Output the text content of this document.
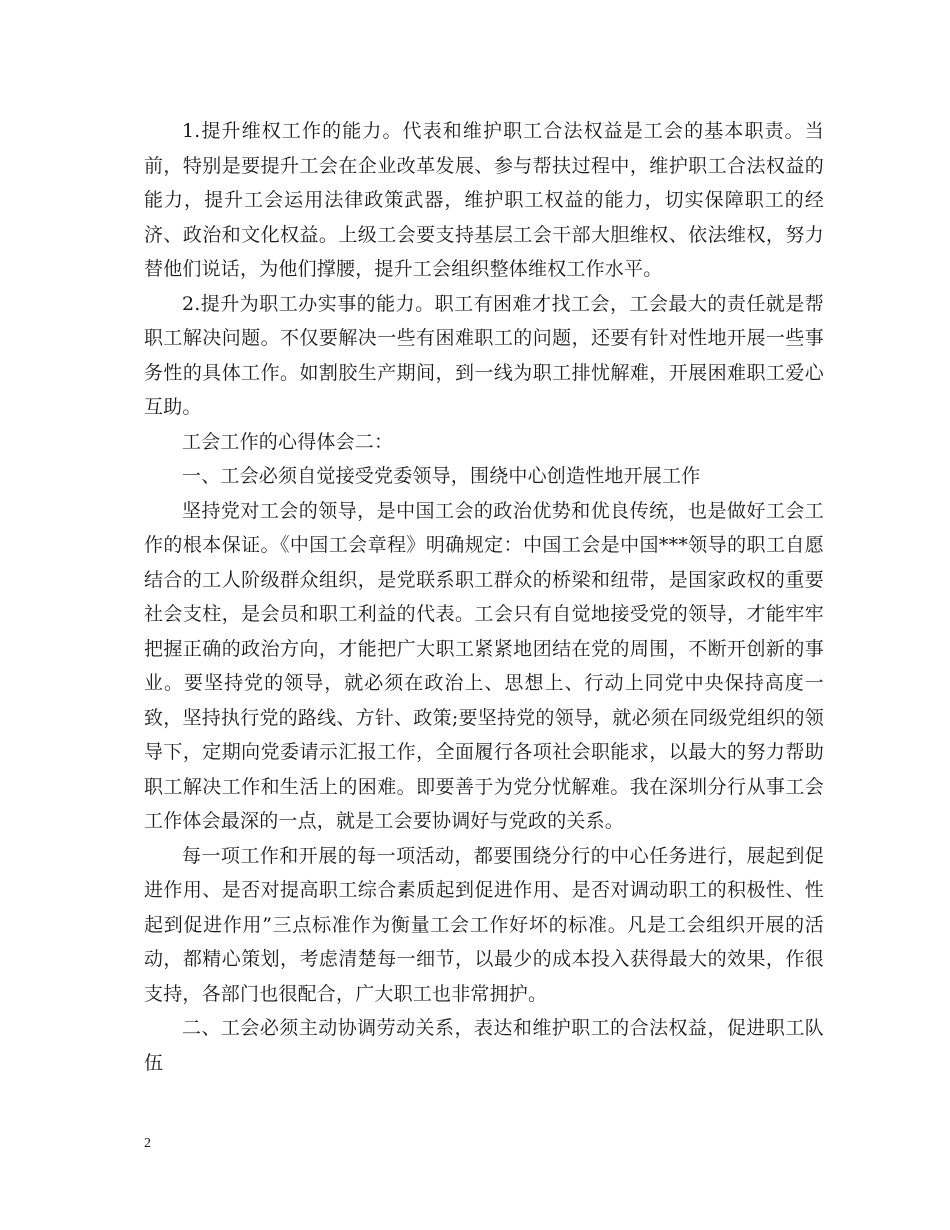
1.提升维权工作的能力。代表和维护职工合法权益是工会的基本职责。当前，特别是要提升工会在企业改革发展、参与帮扶过程中，维护职工合法权益的能力，提升工会运用法律政策武器，维护职工权益的能力，切实保障职工的经济、政治和文化权益。上级工会要支持基层工会干部大胆维权、依法维权，努力替他们说话，为他们撑腰，提升工会组织整体维权工作水平。

2.提升为职工办实事的能力。职工有困难才找工会，工会最大的责任就是帮职工解决问题。不仅要解决一些有困难职工的问题，还要有针对性地开展一些事务性的具体工作。如割胶生产期间，到一线为职工排忧解难，开展困难职工爱心互助。

工会工作的心得体会二：

一、工会必须自觉接受党委领导，围绕中心创造性地开展工作

坚持党对工会的领导，是中国工会的政治优势和优良传统，也是做好工会工作的根本保证。《中国工会章程》明确规定：中国工会是中国***领导的职工自愿结合的工人阶级群众组织，是党联系职工群众的桥梁和纽带，是国家政权的重要社会支柱，是会员和职工利益的代表。工会只有自觉地接受党的领导，才能牢牢把握正确的政治方向，才能把广大职工紧紧地团结在党的周围，不断开创新的事业。要坚持党的领导，就必须在政治上、思想上、行动上同党中央保持高度一致，坚持执行党的路线、方针、政策;要坚持党的领导，就必须在同级党组织的领导下，定期向党委请示汇报工作，全面履行各项社会职能求，以最大的努力帮助职工解决工作和生活上的困难。即要善于为党分忧解难。我在深圳分行从事工会工作体会最深的一点，就是工会要协调好与党政的关系。

每一项工作和开展的每一项活动，都要围绕分行的中心任务进行，展起到促进作用、是否对提高职工综合素质起到促进作用、是否对调动职工的积极性、性起到促进作用”三点标准作为衡量工会工作好坏的标准。凡是工会组织开展的活动，都精心策划，考虑清楚每一细节，以最少的成本投入获得最大的效果，作很支持，各部门也很配合，广大职工也非常拥护。

二、工会必须主动协调劳动关系，表达和维护职工的合法权益，促进职工队伍

2
